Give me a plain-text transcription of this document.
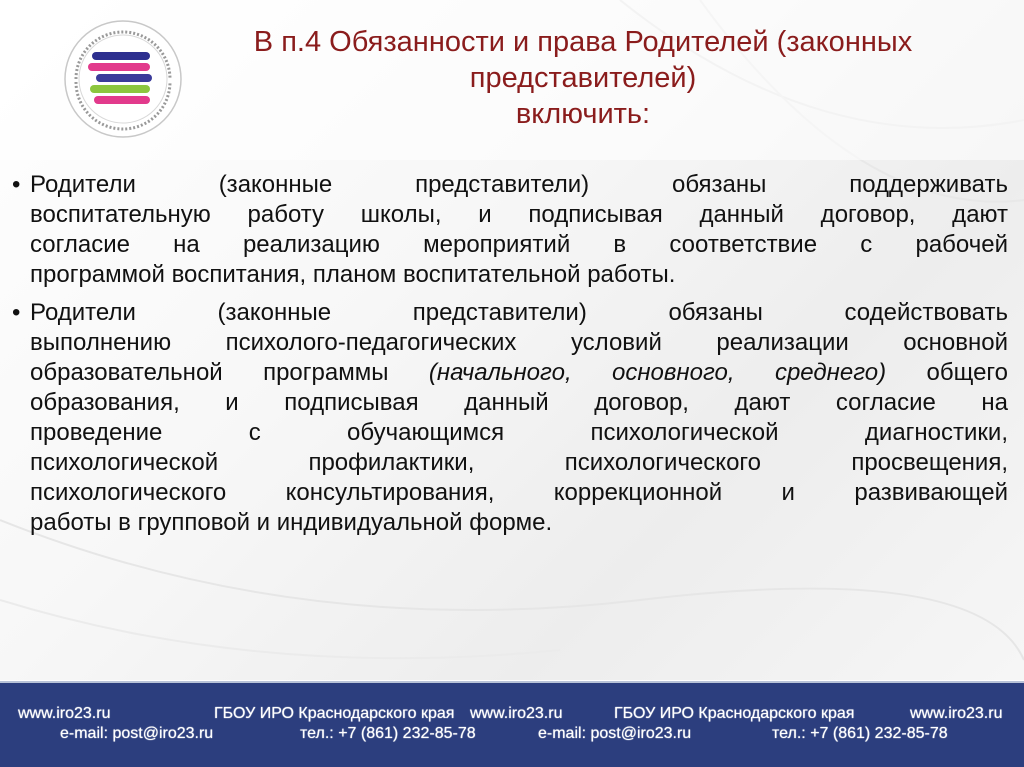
В п.4 Обязанности и права Родителей (законных
представителей)
включить:
• Родители (законные представители) обязаны поддерживать
воспитательную работу школы, и подписывая данный договор, дают
согласие на реализацию мероприятий в соответствие с рабочей
программой воспитания, планом воспитательной работы.
• Родители (законные представители) обязаны содействовать
выполнению психолого-педагогических условий реализации основной
образовательной программы (начального, основного, среднего) общего
образования, и подписывая данный договор, дают согласие на
проведение с обучающимся психологической диагностики,
психологической профилактики, психологического просвещения,
психологического консультирования, коррекционной и развивающей
работы в групповой и индивидуальной форме.
www.iro23.ru
e-mail: post@iro23.ru
ГБОУ ИРО Краснодарского края
тел.: +7 (861) 232-85-78
www.iro23.ru
e-mail: post@iro23.ru
ГБОУ ИРО Краснодарского края
тел.: +7 (861) 232-85-78
www.iro23.ru
